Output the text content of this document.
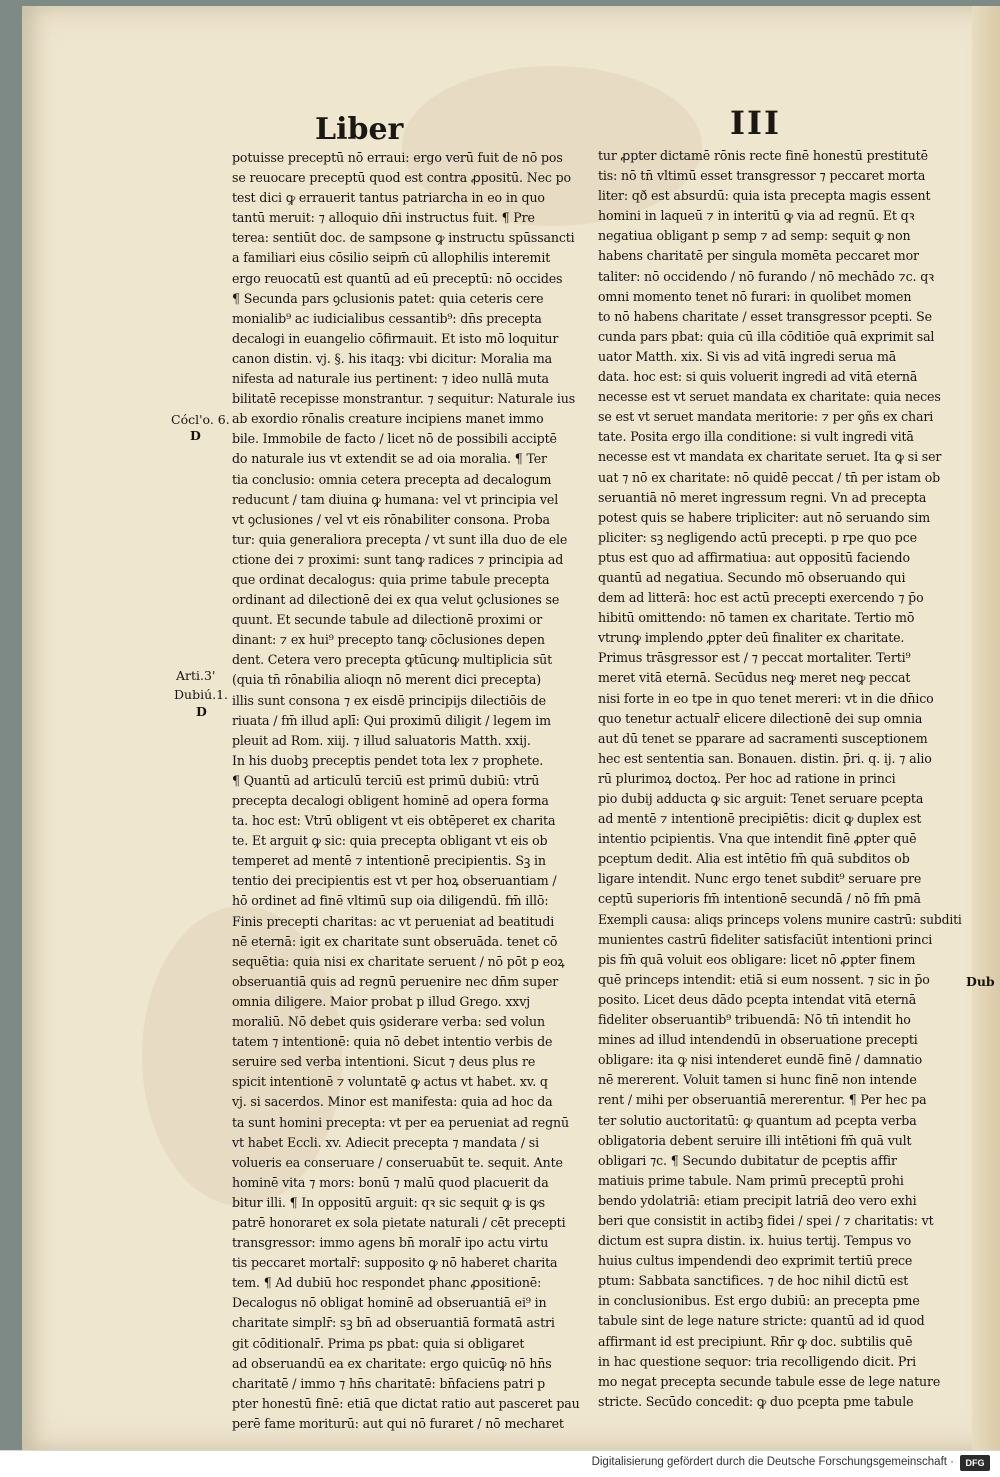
Liber	III

Cócl'o. 6.

D

Arti.3'

Dubiú.1.

D

Dub

potuisse preceptū nō erraui: ergo verū fuit de nō pos
se reuocare preceptū quod est contra ꝓpositū. Nec po
test dici ꝙ errauerit tantus patriarcha in eo in quo
tantū meruit: ⁊ alloquio dn̄i instructus fuit. ¶ Pre
terea: sentiūt doc. de sampsone ꝙ instructu spūssancti
a familiari eius cōsilio seipm̄ cū allophilis interemit
ergo reuocatū est quantū ad eū preceptū: nō occides
¶ Secunda pars ꝯclusionis patet: quia ceteris cere
monialib⁹ ac iudicialibus cessantib⁹: dn̄s precepta
decalogi in euangelio cōfirmauit. Et isto mō loquitur
canon distin. vj. §. his itaqꝫ: vbi dicitur: Moralia ma
nifesta ad naturale ius pertinent: ⁊ ideo nullā muta
bilitatē recepisse monstrantur. ⁊ sequitur: Naturale ius
ab exordio rōnalis creature incipiens manet immo
bile. Immobile de facto / licet nō de possibili acciptē
do naturale ius vt extendit se ad oia moralia. ¶ Ter
tia conclusio: omnia cetera precepta ad decalogum
reducunt / tam diuina ꝙ humana: vel vt principia vel
vt ꝯclusiones / vel vt eis rōnabiliter consona. Proba
tur: quia generaliora precepta / vt sunt illa duo de ele
ctione dei ⁊ proximi: sunt tanꝙ radices ⁊ principia ad
que ordinat decalogus: quia prime tabule precepta
ordinant ad dilectionē dei ex qua velut ꝯclusiones se
quunt. Et secunde tabule ad dilectionē proximi or
dinant: ⁊ ex hui⁹ precepto tanꝙ cōclusiones depen
dent. Cetera vero precepta ꝙtūcunꝙ multiplicia sūt
(quia tn̄ rōnabilia alioqn nō merent dici precepta)
illis sunt consona ⁊ ex eisdē principijs dilectiōis de
riuata / fm̄ illud aplī: Qui proximū diligit / legem im
pleuit ad Rom. xiij. ⁊ illud saluatoris Matth. xxij.
In his duobꝫ preceptis pendet tota lex ⁊ prophete.
¶ Quantū ad articulū terciū est primū dubiū: vtrū
precepta decalogi obligent hominē ad opera forma
ta. hoc est: Vtrū obligent vt eis obtēperet ex charita
te. Et arguit ꝙ sic: quia precepta obligant vt eis ob
temperet ad mentē ⁊ intentionē precipientis. Sꝫ in
tentio dei precipientis est vt per hoꝝ obseruantiam /
hō ordinet ad finē vltimū sup oia diligendū. fm̄ illō:
Finis precepti charitas: ac vt perueniat ad beatitudi
nē eternā: igit ex charitate sunt obseruāda. tenet cō
sequētia: quia nisi ex charitate seruent / nō pōt p eoꝝ
obseruantiā quis ad regnū peruenire nec dn̄m super
omnia diligere. Maior probat p illud Grego. xxvj
moraliū. Nō debet quis ꝯsiderare verba: sed volun
tatem ⁊ intentionē: quia nō debet intentio verbis de
seruire sed verba intentioni. Sicut ⁊ deus plus re
spicit intentionē ⁊ voluntatē ꝙ actus vt habet. xv. q
vj. si sacerdos. Minor est manifesta: quia ad hoc da
ta sunt homini precepta: vt per ea perueniat ad regnū
vt habet Eccli. xv. Adiecit precepta ⁊ mandata / si
volueris ea conseruare / conseruabūt te. sequit. Ante
hominē vita ⁊ mors: bonū ⁊ malū quod placuerit da
bitur illi. ¶ In oppositū arguit: qꝛ sic sequit ꝙ is ꝙs
patrē honoraret ex sola pietate naturali / cēt precepti
transgressor: immo agens bn̄ moralr̄ ipo actu virtu
tis peccaret mortalr̄: supposito ꝙ nō haberet charita
tem. ¶ Ad dubiū hoc respondet phanc ꝓpositionē:
Decalogus nō obligat hominē ad obseruantiā ei⁹ in
charitate simplr̄: sꝫ bn̄ ad obseruantiā formatā astri
git cōditionalr̄. Prima ps pbat: quia si obligaret
ad obseruandū ea ex charitate: ergo quicūꝙ nō hn̄s
charitatē / immo ⁊ hn̄s charitatē: bn̄faciens patri p
pter honestū finē: etiā que dictat ratio aut pasceret pau
perē fame moriturū: aut qui nō furaret / nō mecharet
tur ꝓpter dictamē rōnis recte finē honestū prestitutē
tis: nō tn̄ vltimū esset transgressor ⁊ peccaret morta
liter: qð est absurdū: quia ista precepta magis essent
homini in laqueū ⁊ in interitū ꝙ via ad regnū. Et qꝛ
negatiua obligant p semp ⁊ ad semp: sequit ꝙ non
habens charitatē per singula momēta peccaret mor
taliter: nō occidendo / nō furando / nō mechādo ⁊c. qꝛ
omni momento tenet nō furari: in quolibet momen
to nō habens charitate / esset transgressor pcepti. Se
cunda pars pbat: quia cū illa cōditiōe quā exprimit sal
uator Matth. xix. Si vis ad vitā ingredi serua mā
data. hoc est: si quis voluerit ingredi ad vitā eternā
necesse est vt seruet mandata ex charitate: quia neces
se est vt seruet mandata meritorie: ⁊ per ꝯñs ex chari
tate. Posita ergo illa conditione: si vult ingredi vitā
necesse est vt mandata ex charitate seruet. Ita ꝙ si ser
uat ⁊ nō ex charitate: nō quidē peccat / tn̄ per istam ob
seruantiā nō meret ingressum regni. Vn ad precepta
potest quis se habere tripliciter: aut nō seruando sim
pliciter: sꝫ negligendo actū precepti. p rpe quo pce
ptus est quo ad affirmatiua: aut oppositū faciendo
quantū ad negatiua. Secundo mō obseruando qui
dem ad litterā: hoc est actū precepti exercendo ⁊ p̄o
hibitū omittendo: nō tamen ex charitate. Tertio mō
vtrunꝙ implendo ꝓpter deū finaliter ex charitate.
Primus trāsgressor est / ⁊ peccat mortaliter. Terti⁹
meret vitā eternā. Secūdus neꝙ meret neꝙ peccat
nisi forte in eo tpe in quo tenet mereri: vt in die dn̄ico
quo tenetur actualr̄ elicere dilectionē dei sup omnia
aut dū tenet se pparare ad sacramenti susceptionem
hec est sententia san. Bonauen. distin. p̄ri. q. ij. ⁊ alio
rū plurimoꝝ doctoꝝ. Per hoc ad ratione in princi
pio dubij adducta ꝙ sic arguit: Tenet seruare pcepta
ad mentē ⁊ intentionē precipiētis: dicit ꝙ duplex est
intentio pcipientis. Vna que intendit finē ꝓpter quē
pceptum dedit. Alia est intētio fm̄ quā subditos ob
ligare intendit. Nunc ergo tenet subdit⁹ seruare pre
ceptū superioris fm̄ intentionē secundā / nō fm̄ pmā
Exempli causa: aliqs princeps volens munire castrū: subditi
munientes castrū fideliter satisfaciūt intentioni princi
pis fm̄ quā voluit eos obligare: licet nō ꝓpter finem
quē princeps intendit: etiā si eum nossent. ⁊ sic in p̄o
posito. Licet deus dādo pcepta intendat vitā eternā
fideliter obseruantib⁹ tribuendā: Nō tn̄ intendit ho
mines ad illud intendendū in obseruatione precepti
obligare: ita ꝙ nisi intenderet eundē finē / damnatio
nē mererent. Voluit tamen si hunc finē non intende
rent / mihi per obseruantiā mererentur. ¶ Per hec pa
ter solutio auctoritatū: ꝙ quantum ad pcepta verba
obligatoria debent seruire illi intētioni fm̄ quā vult
obligari ⁊c. ¶ Secundo dubitatur de pceptis affir
matiuis prime tabule. Nam primū preceptū prohi
bendo ydolatriā: etiam precipit latriā deo vero exhi
beri que consistit in actibꝫ fidei / spei / ⁊ charitatis: vt
dictum est supra distin. ix. huius tertij. Tempus vo
huius cultus impendendi deo exprimit tertiū prece
ptum: Sabbata sanctifices. ⁊ de hoc nihil dictū est
in conclusionibus. Est ergo dubiū: an precepta pme
tabule sint de lege nature stricte: quantū ad id quod
affirmant id est precipiunt. Rn̄r ꝙ doc. subtilis quē
in hac questione sequor: tria recolligendo dicit. Pri
mo negat precepta secunde tabule esse de lege nature
stricte. Secūdo concedit: ꝙ duo pcepta pme tabule

Digitalisierung gefördert durch die Deutsche Forschungsgemeinschaft ·	DFG
